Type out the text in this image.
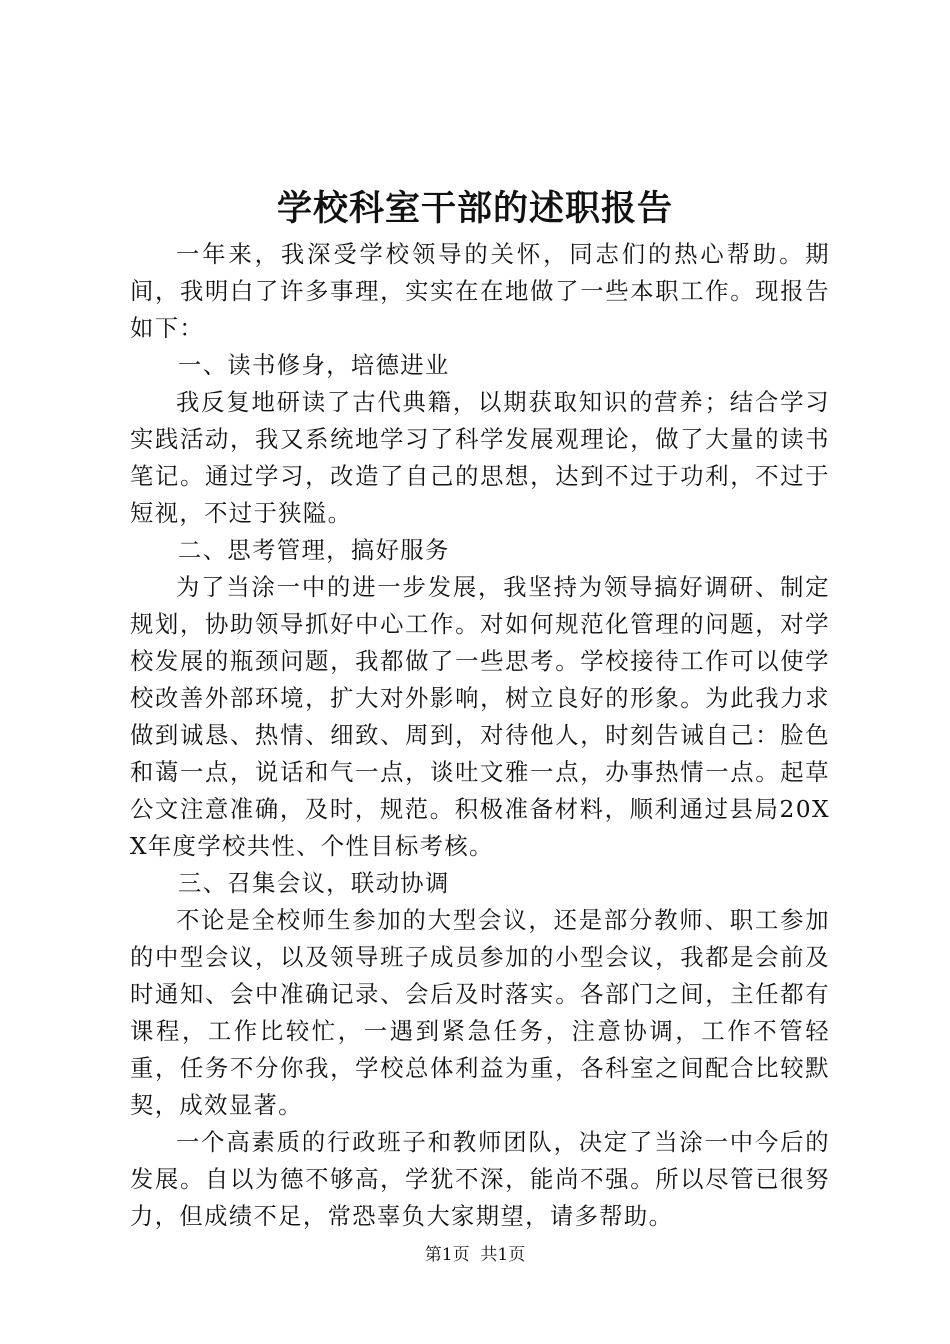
学校科室干部的述职报告

一年来，我深受学校领导的关怀，同志们的热心帮助。期间，我明白了许多事理，实实在在地做了一些本职工作。现报告如下：

一、读书修身，培德进业

我反复地研读了古代典籍，以期获取知识的营养；结合学习实践活动，我又系统地学习了科学发展观理论，做了大量的读书笔记。通过学习，改造了自己的思想，达到不过于功利，不过于短视，不过于狭隘。

二、思考管理，搞好服务

为了当涂一中的进一步发展，我坚持为领导搞好调研、制定规划，协助领导抓好中心工作。对如何规范化管理的问题，对学校发展的瓶颈问题，我都做了一些思考。学校接待工作可以使学校改善外部环境，扩大对外影响，树立良好的形象。为此我力求做到诚恳、热情、细致、周到，对待他人，时刻告诫自己：脸色和蔼一点，说话和气一点，谈吐文雅一点，办事热情一点。起草公文注意准确，及时，规范。积极准备材料，顺利通过县局20XX年度学校共性、个性目标考核。

三、召集会议，联动协调

不论是全校师生参加的大型会议，还是部分教师、职工参加的中型会议，以及领导班子成员参加的小型会议，我都是会前及时通知、会中准确记录、会后及时落实。各部门之间，主任都有课程，工作比较忙，一遇到紧急任务，注意协调，工作不管轻重，任务不分你我，学校总体利益为重，各科室之间配合比较默契，成效显著。

一个高素质的行政班子和教师团队，决定了当涂一中今后的发展。自以为德不够高，学犹不深，能尚不强。所以尽管已很努力，但成绩不足，常恐辜负大家期望，请多帮助。

第1页  共1页
